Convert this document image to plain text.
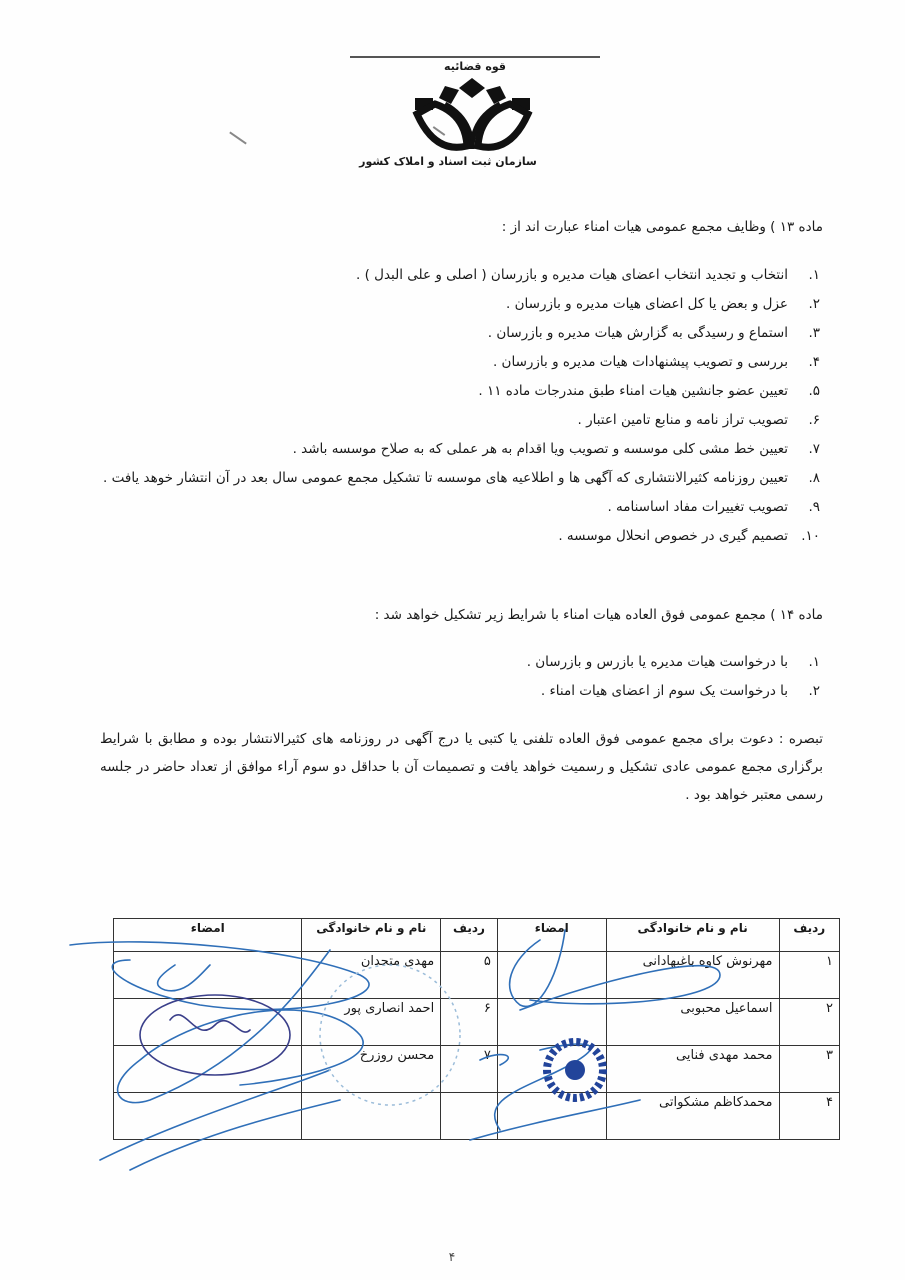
قوه قضائیه
سازمان ثبت اسناد و املاک کشور
ماده ۱۳ ) وظایف مجمع عمومی هیات امناء عبارت اند از :
۱.
انتخاب و تجدید انتخاب اعضای هیات مدیره و بازرسان ( اصلی و علی البدل ) .
۲.
عزل و بعض یا کل اعضای هیات مدیره و بازرسان .
۳.
استماع و رسیدگی به گزارش هیات مدیره و بازرسان .
۴.
بررسی و تصویب پیشنهادات هیات مدیره و بازرسان .
۵.
تعیین عضو جانشین هیات امناء طبق مندرجات ماده ۱۱ .
۶.
تصویب تراز نامه و منابع تامین اعتبار .
۷.
تعیین خط مشی کلی موسسه و تصویب ویا اقدام به هر عملی که به صلاح موسسه باشد .
۸.
تعیین روزنامه کثیرالانتشاری که آگهی ها و اطلاعیه های موسسه تا تشکیل مجمع عمومی سال بعد در آن انتشار خوهد یافت .
۹.
تصویب تغییرات مفاد اساسنامه .
۱۰.
تصمیم گیری در خصوص انحلال موسسه .
ماده ۱۴ ) مجمع عمومی فوق العاده هیات امناء با شرایط زیر تشکیل خواهد شد :
۱.
با درخواست هیات مدیره یا بازرس و بازرسان .
۲.
با درخواست یک سوم از اعضای هیات امناء .
تبصره : دعوت برای مجمع عمومی فوق العاده تلفنی یا کتبی یا درج آگهی در روزنامه های کثیرالانتشار بوده و مطابق با شرایط برگزاری مجمع عمومی عادی تشکیل و رسمیت خواهد یافت و تصمیمات آن با حداقل دو سوم آراء موافق از تعداد حاضر در جلسه رسمی معتبر خواهد بود .
ردیف	نام و نام خانوادگی	امضاء	ردیف	نام و نام خانوادگی	امضاء
۱	مهرنوش کاوه باغبهادانی		۵	مهدی متحدان	
۲	اسماعیل محبوبی		۶	احمد انصاری پور	
۳	محمد مهدی فنایی		۷	محسن روزرخ	
۴	محمدکاظم مشکواتی				
۴
